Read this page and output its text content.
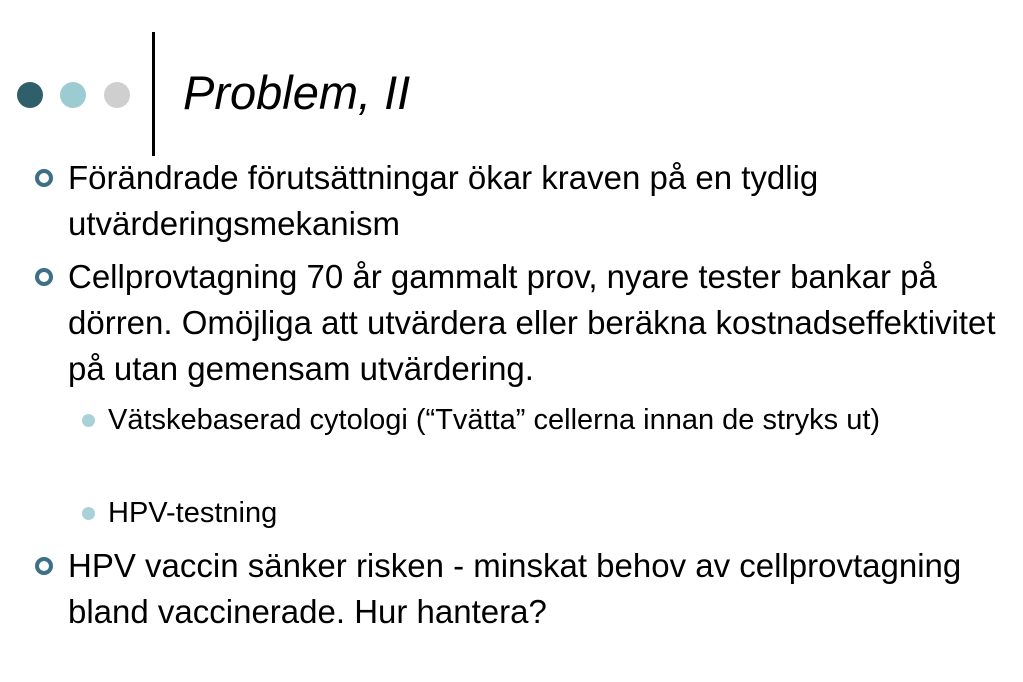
Problem, II
Förändrade förutsättningar ökar kraven på en tydlig utvärderingsmekanism
Cellprovtagning 70 år gammalt prov, nyare tester bankar på dörren. Omöjliga att utvärdera eller beräkna kostnadseffektivitet på utan gemensam utvärdering.
Vätskebaserad cytologi (“Tvätta” cellerna innan de stryks ut)
HPV-testning
HPV vaccin sänker risken - minskat behov av cellprovtagning bland vaccinerade. Hur hantera?
